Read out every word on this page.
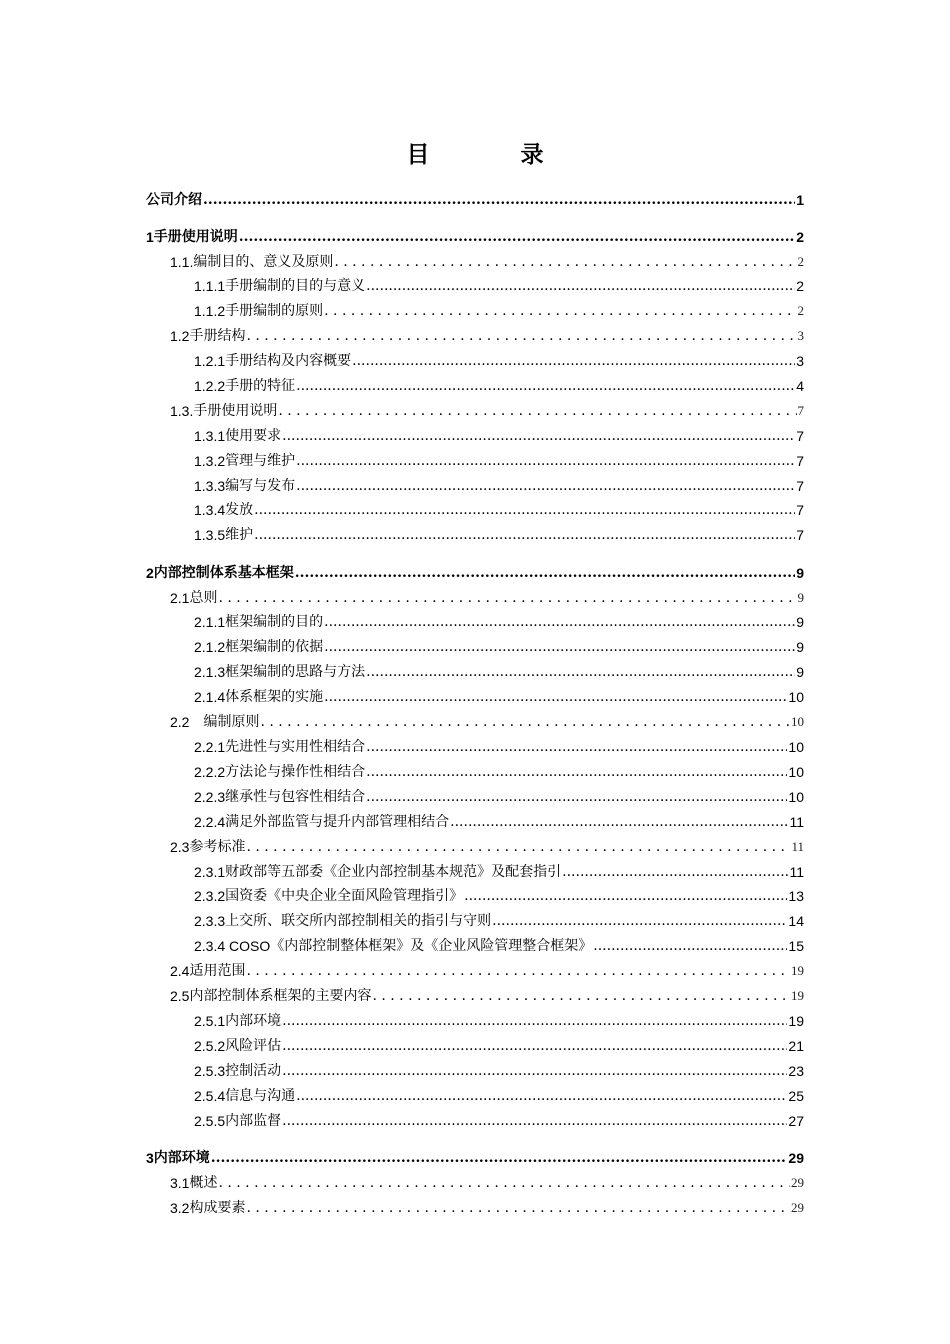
目　录
公司介绍 .....	1
1 手册使用说明 .....	2
1.1. 编制目的、意义及原则 . . .	2
1.1.1 手册编制的目的与意义 .....	2
1.1.2 手册编制的原则 . . .	2
1.2 手册结构 . . .	3
1.2.1 手册结构及内容概要 .....	3
1.2.2 手册的特征 .....	4
1.3. 手册使用说明 . . .	7
1.3.1 使用要求 .....	7
1.3.2 管理与维护 .....	7
1.3.3 编写与发布 .....	7
1.3.4 发放 .....	7
1.3.5 维护 .....	7
2 内部控制体系基本框架 .....	9
2.1 总则 . . .	9
2.1.1 框架编制的目的 .....	9
2.1.2 框架编制的依据 .....	9
2.1.3 框架编制的思路与方法 .....	9
2.1.4 体系框架的实施 .....	10
2.2　 编制原则 . . .	10
2.2.1 先进性与实用性相结合 .....	10
2.2.2 方法论与操作性相结合 .....	10
2.2.3 继承性与包容性相结合 .....	10
2.2.4 满足外部监管与提升内部管理相结合 .....	11
2.3 参考标准 . . .	11
2.3.1 财政部等五部委《企业内部控制基本规范》及配套指引 .....	11
2.3.2 国资委《中央企业全面风险管理指引》 .....	13
2.3.3 上交所、联交所内部控制相关的指引与守则 .....	14
2.3.4 COSO 《内部控制整体框架》及《企业风险管理整合框架》 .....	15
2.4 适用范围 . . .	19
2.5 内部控制体系框架的主要内容 . . .	19
2.5.1 内部环境 .....	19
2.5.2 风险评估 .....	21
2.5.3 控制活动 .....	23
2.5.4 信息与沟通 .....	25
2.5.5 内部监督 .....	27
3 内部环境 .....	29
3.1 概述 . . .	29
3.2 构成要素 . . .	29
